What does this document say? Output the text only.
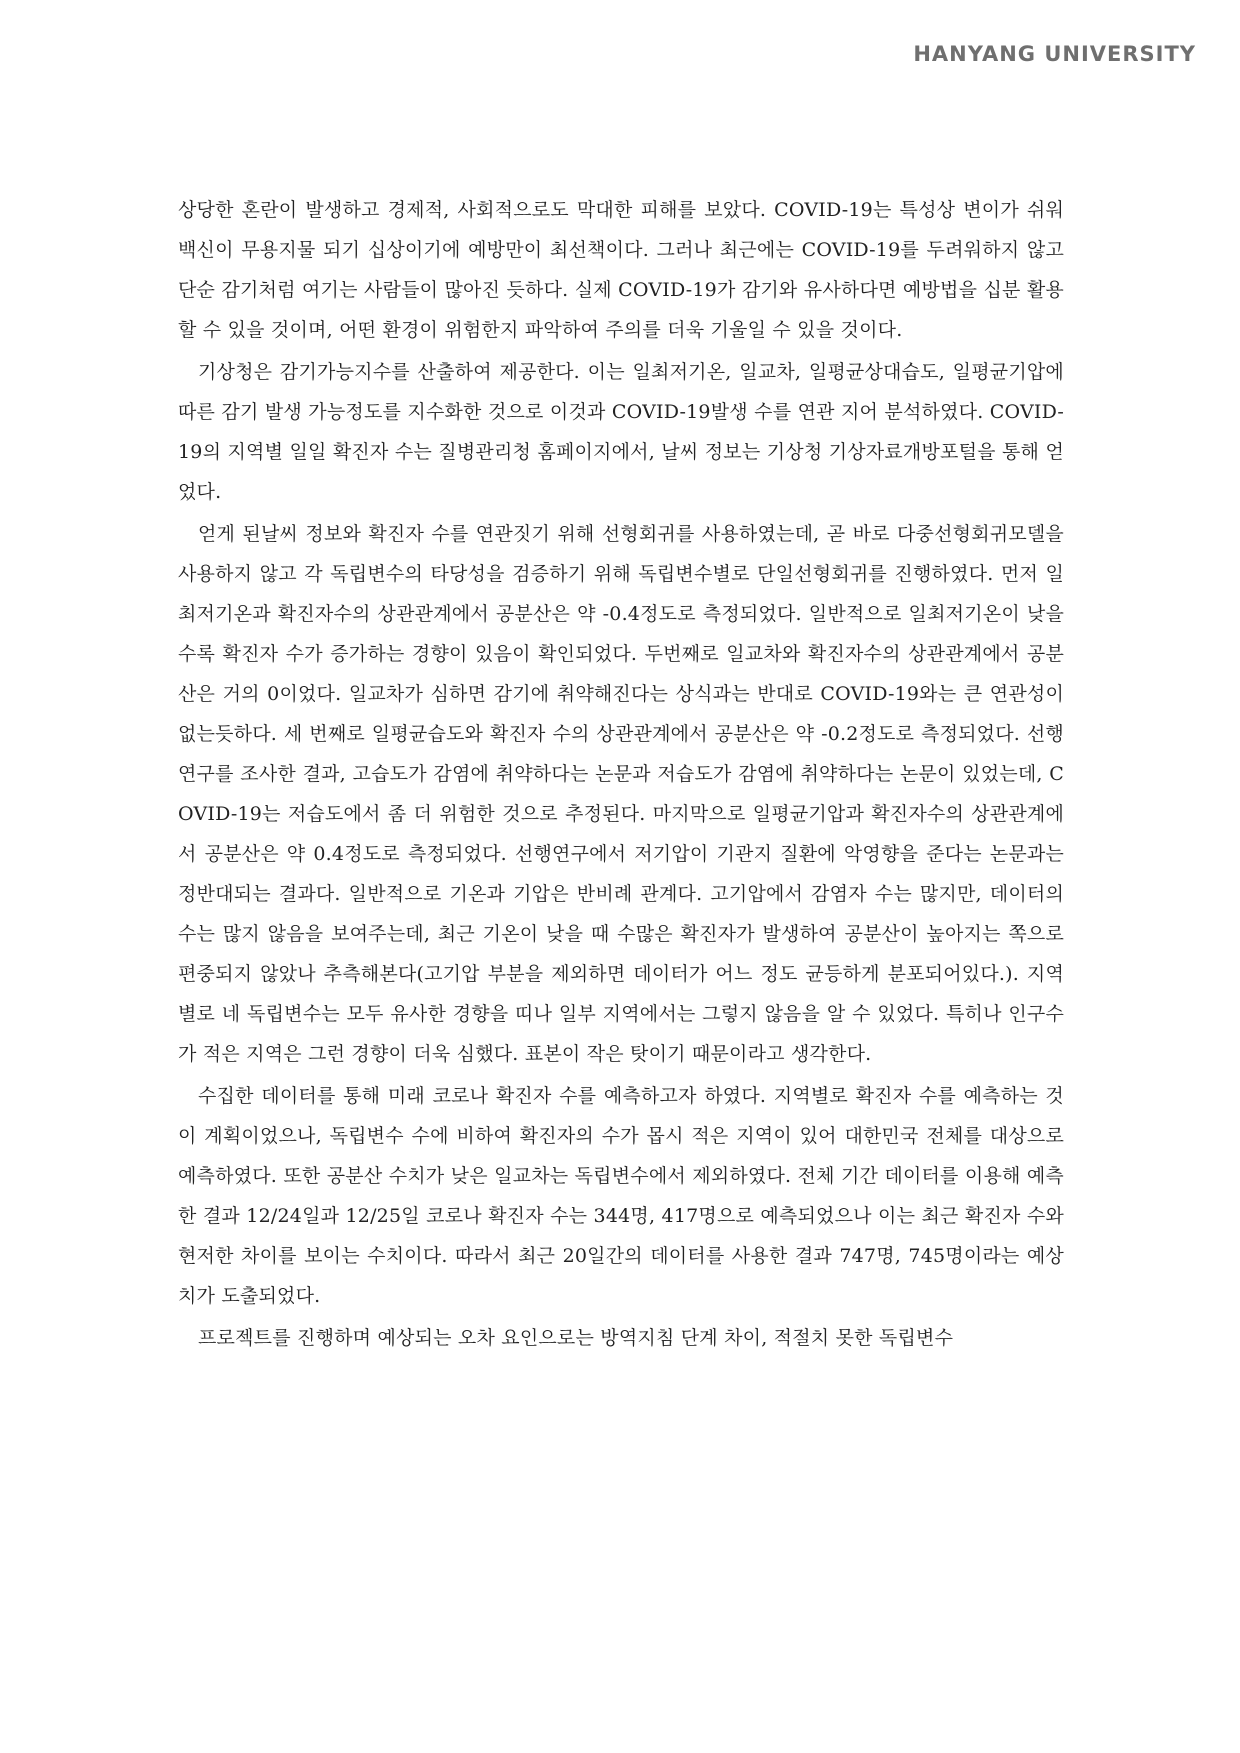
HANYANG UNIVERSITY

상당한 혼란이 발생하고 경제적, 사회적으로도 막대한 피해를 보았다. COVID-19는 특성상 변이가 쉬워 백신이 무용지물 되기 십상이기에 예방만이 최선책이다. 그러나 최근에는 COVID-19를 두려워하지 않고 단순 감기처럼 여기는 사람들이 많아진 듯하다. 실제 COVID-19가 감기와 유사하다면 예방법을 십분 활용 할 수 있을 것이며, 어떤 환경이 위험한지 파악하여 주의를 더욱 기울일 수 있을 것이다.

기상청은 감기가능지수를 산출하여 제공한다. 이는 일최저기온, 일교차, 일평균상대습도, 일평균기압에 따른 감기 발생 가능정도를 지수화한 것으로 이것과 COVID-19발생 수를 연관 지어 분석하였다. COVID-19의 지역별 일일 확진자 수는 질병관리청 홈페이지에서, 날씨 정보는 기상청 기상자료개방포털을 통해 얻었다.

얻게 된날씨 정보와 확진자 수를 연관짓기 위해 선형회귀를 사용하였는데, 곧 바로 다중선형회귀모델을 사용하지 않고 각 독립변수의 타당성을 검증하기 위해 독립변수별로 단일선형회귀를 진행하였다. 먼저 일최저기온과 확진자수의 상관관계에서 공분산은 약 -0.4정도로 측정되었다. 일반적으로 일최저기온이 낮을수록 확진자 수가 증가하는 경향이 있음이 확인되었다. 두번째로 일교차와 확진자수의 상관관계에서 공분산은 거의 0이었다. 일교차가 심하면 감기에 취약해진다는 상식과는 반대로 COVID-19와는 큰 연관성이 없는듯하다. 세 번째로 일평균습도와 확진자 수의 상관관계에서 공분산은 약 -0.2정도로 측정되었다. 선행 연구를 조사한 결과, 고습도가 감염에 취약하다는 논문과 저습도가 감염에 취약하다는 논문이 있었는데, COVID-19는 저습도에서 좀 더 위험한 것으로 추정된다. 마지막으로 일평균기압과 확진자수의 상관관계에서 공분산은 약 0.4정도로 측정되었다. 선행연구에서 저기압이 기관지 질환에 악영향을 준다는 논문과는 정반대되는 결과다. 일반적으로 기온과 기압은 반비례 관계다. 고기압에서 감염자 수는 많지만, 데이터의 수는 많지 않음을 보여주는데, 최근 기온이 낮을 때 수많은 확진자가 발생하여 공분산이 높아지는 쪽으로 편중되지 않았나 추측해본다(고기압 부분을 제외하면 데이터가 어느 정도 균등하게 분포되어있다.). 지역별로 네 독립변수는 모두 유사한 경향을 띠나 일부 지역에서는 그렇지 않음을 알 수 있었다. 특히나 인구수가 적은 지역은 그런 경향이 더욱 심했다. 표본이 작은 탓이기 때문이라고 생각한다.

수집한 데이터를 통해 미래 코로나 확진자 수를 예측하고자 하였다. 지역별로 확진자 수를 예측하는 것이 계획이었으나, 독립변수 수에 비하여 확진자의 수가 몹시 적은 지역이 있어 대한민국 전체를 대상으로 예측하였다. 또한 공분산 수치가 낮은 일교차는 독립변수에서 제외하였다. 전체 기간 데이터를 이용해 예측한 결과 12/24일과 12/25일 코로나 확진자 수는 344명, 417명으로 예측되었으나 이는 최근 확진자 수와 현저한 차이를 보이는 수치이다. 따라서 최근 20일간의 데이터를 사용한 결과 747명, 745명이라는 예상치가 도출되었다.

프로젝트를 진행하며 예상되는 오차 요인으로는 방역지침 단계 차이, 적절치 못한 독립변수
